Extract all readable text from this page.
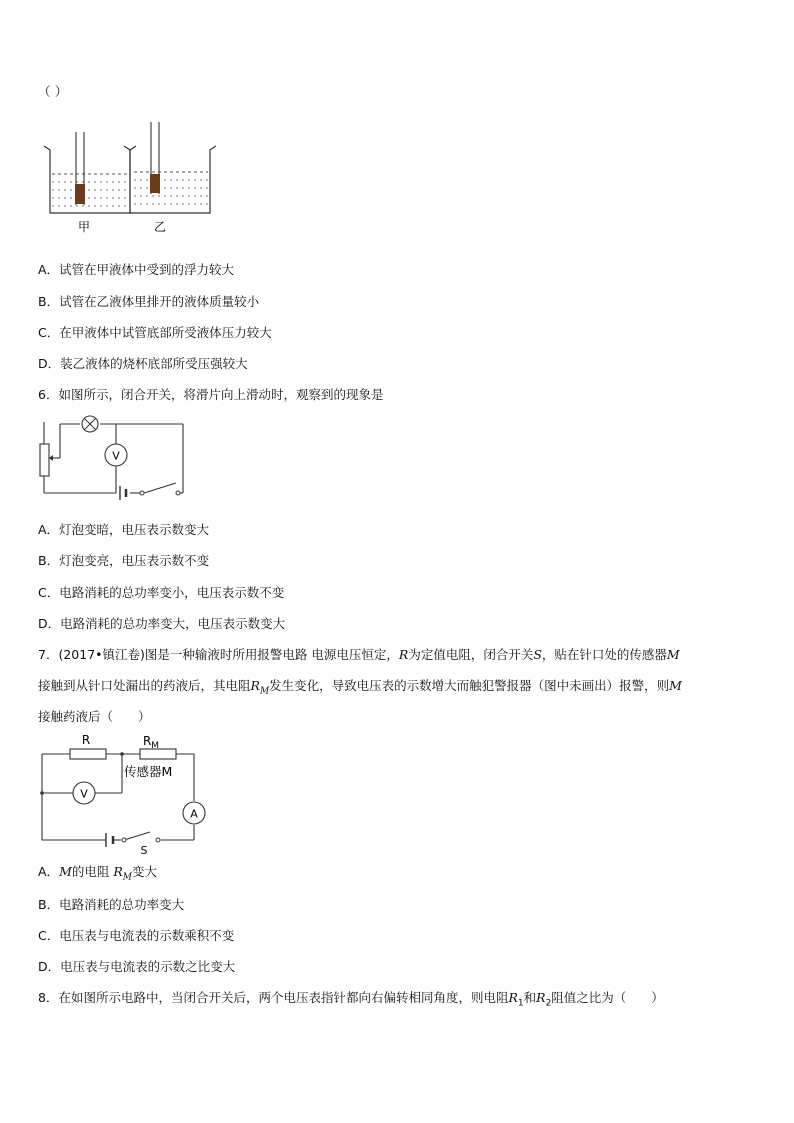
（ ）
甲	乙
A．试管在甲液体中受到的浮力较大
B．试管在乙液体里排开的液体质量较小
C．在甲液体中试管底部所受液体压力较大
D．装乙液体的烧杯底部所受压强较大
6．如图所示，闭合开关，将滑片向上滑动时，观察到的现象是
V
A．灯泡变暗，电压表示数变大
B．灯泡变亮，电压表示数不变
C．电路消耗的总功率变小，电压表示数不变
D．电路消耗的总功率变大，电压表示数变大
7．(2017•镇江卷)图是一种输液时所用报警电路 电源电压恒定，R为定值电阻，闭合开关S，贴在针口处的传感器M
接触到从针口处漏出的药液后，其电阻$R_M$发生变化，导致电压表的示数增大而触犯警报器（图中未画出）报警，则M
接触药液后（　　）
R	$R_M$
传感器M
V
A
S
A．M的电阻 $R_M$变大
B．电路消耗的总功率变大
C．电压表与电流表的示数乘积不变
D．电压表与电流表的示数之比变大
8．在如图所示电路中，当闭合开关后，两个电压表指针都向右偏转相同角度，则电阻$R_1$和$R_2$阻值之比为（　　）
